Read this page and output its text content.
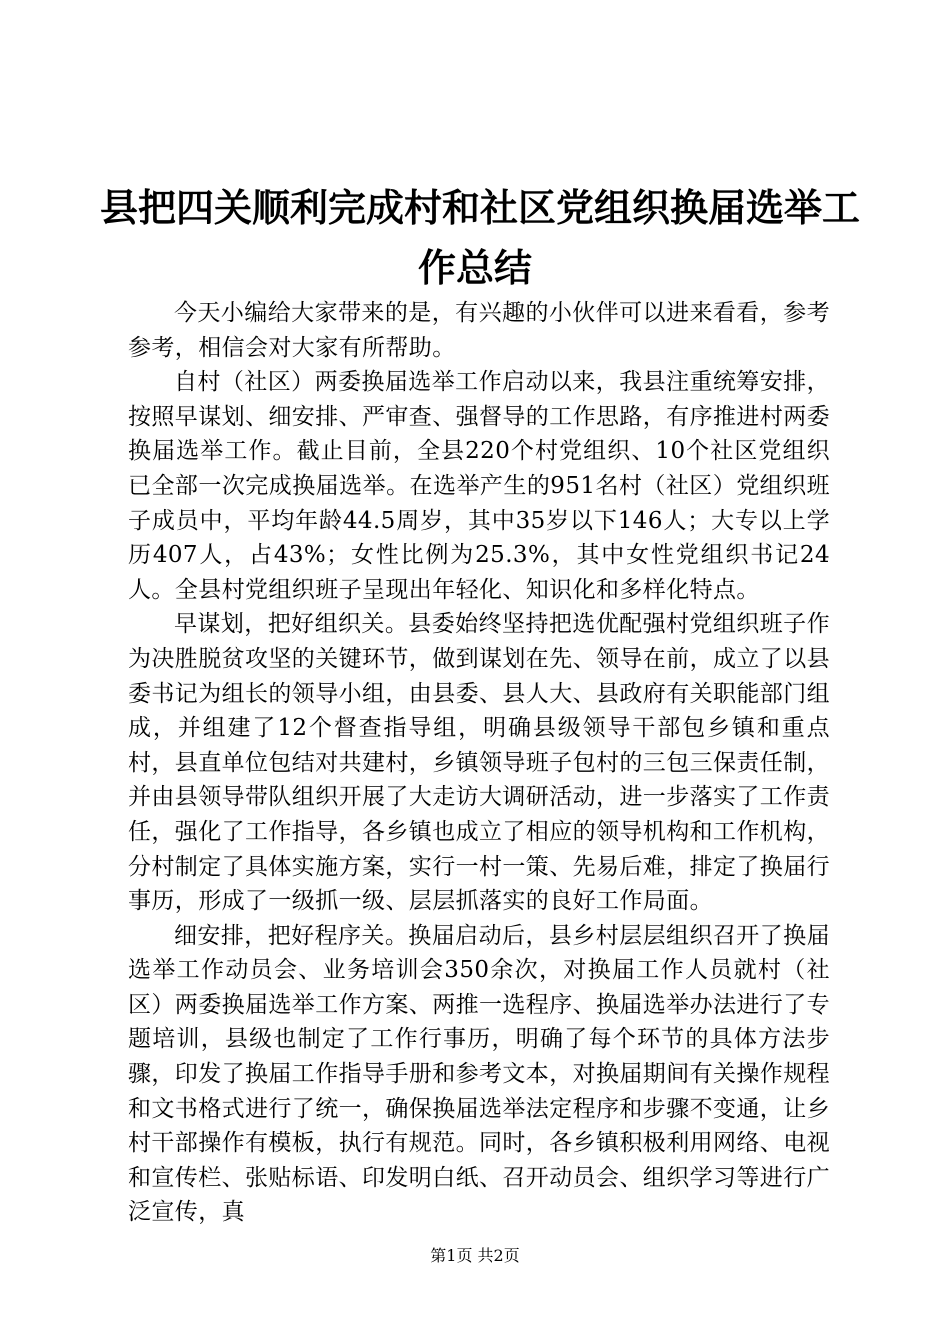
县把四关顺利完成村和社区党组织换届选举工
作总结

今天小编给大家带来的是，有兴趣的小伙伴可以进来看看，参考参考，相信会对大家有所帮助。

自村（社区）两委换届选举工作启动以来，我县注重统筹安排，按照早谋划、细安排、严审查、强督导的工作思路，有序推进村两委换届选举工作。截止目前，全县220个村党组织、10个社区党组织已全部一次完成换届选举。在选举产生的951名村（社区）党组织班子成员中，平均年龄44.5周岁，其中35岁以下146人；大专以上学历407人，占43%；女性比例为25.3%，其中女性党组织书记24人。全县村党组织班子呈现出年轻化、知识化和多样化特点。

早谋划，把好组织关。县委始终坚持把选优配强村党组织班子作为决胜脱贫攻坚的关键环节，做到谋划在先、领导在前，成立了以县委书记为组长的领导小组，由县委、县人大、县政府有关职能部门组成，并组建了12个督查指导组，明确县级领导干部包乡镇和重点村，县直单位包结对共建村，乡镇领导班子包村的三包三保责任制，并由县领导带队组织开展了大走访大调研活动，进一步落实了工作责任，强化了工作指导，各乡镇也成立了相应的领导机构和工作机构，分村制定了具体实施方案，实行一村一策、先易后难，排定了换届行事历，形成了一级抓一级、层层抓落实的良好工作局面。

细安排，把好程序关。换届启动后，县乡村层层组织召开了换届选举工作动员会、业务培训会350余次，对换届工作人员就村（社区）两委换届选举工作方案、两推一选程序、换届选举办法进行了专题培训，县级也制定了工作行事历，明确了每个环节的具体方法步骤，印发了换届工作指导手册和参考文本，对换届期间有关操作规程和文书格式进行了统一，确保换届选举法定程序和步骤不变通，让乡村干部操作有模板，执行有规范。同时，各乡镇积极利用网络、电视和宣传栏、张贴标语、印发明白纸、召开动员会、组织学习等进行广泛宣传，真

第1页 共2页
